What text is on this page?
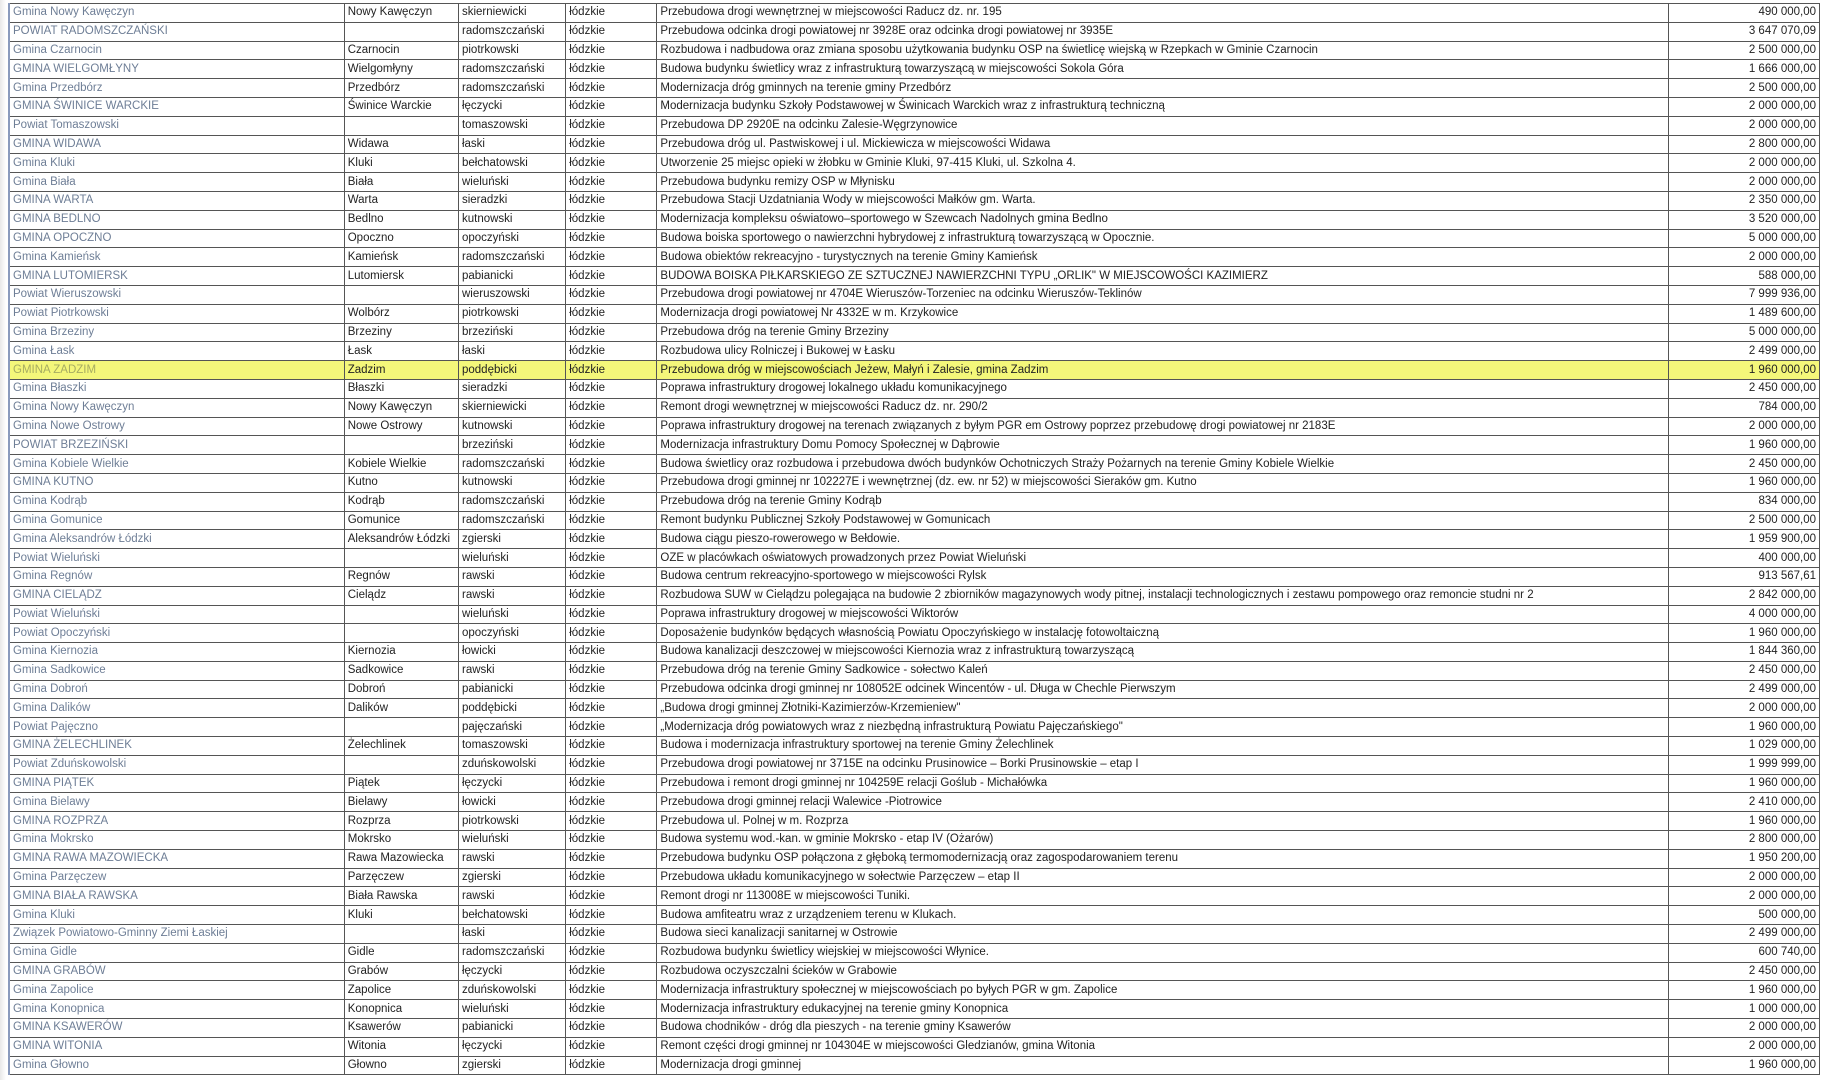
Gmina Nowy Kawęczyn	Nowy Kawęczyn	skierniewicki	łódzkie	Przebudowa drogi wewnętrznej w miejscowości Raducz dz. nr. 195	490 000,00
POWIAT RADOMSZCZAŃSKI		radomszczański	łódzkie	Przebudowa odcinka drogi powiatowej nr 3928E oraz odcinka drogi powiatowej nr 3935E	3 647 070,09
Gmina Czarnocin	Czarnocin	piotrkowski	łódzkie	Rozbudowa i nadbudowa oraz zmiana sposobu użytkowania budynku OSP na świetlicę wiejską w Rzepkach w Gminie Czarnocin	2 500 000,00
GMINA WIELGOMŁYNY	Wielgomłyny	radomszczański	łódzkie	Budowa budynku świetlicy wraz z infrastrukturą towarzyszącą w miejscowości Sokola Góra	1 666 000,00
Gmina Przedbórz	Przedbórz	radomszczański	łódzkie	Modernizacja dróg gminnych na terenie gminy Przedbórz	2 500 000,00
GMINA ŚWINICE WARCKIE	Świnice Warckie	łęczycki	łódzkie	Modernizacja budynku Szkoły Podstawowej w Świnicach Warckich wraz z infrastrukturą techniczną	2 000 000,00
Powiat Tomaszowski		tomaszowski	łódzkie	Przebudowa DP 2920E na odcinku Zalesie-Węgrzynowice	2 000 000,00
GMINA WIDAWA	Widawa	łaski	łódzkie	Przebudowa dróg ul. Pastwiskowej i ul. Mickiewicza w miejscowości Widawa	2 800 000,00
Gmina Kluki	Kluki	bełchatowski	łódzkie	Utworzenie 25 miejsc opieki w żłobku w Gminie Kluki, 97-415 Kluki, ul. Szkolna 4.	2 000 000,00
Gmina Biała	Biała	wieluński	łódzkie	Przebudowa budynku remizy OSP w Młynisku	2 000 000,00
GMINA WARTA	Warta	sieradzki	łódzkie	Przebudowa Stacji Uzdatniania Wody w miejscowości Małków gm. Warta.	2 350 000,00
GMINA BEDLNO	Bedlno	kutnowski	łódzkie	Modernizacja kompleksu oświatowo–sportowego w Szewcach Nadolnych gmina Bedlno	3 520 000,00
GMINA OPOCZNO	Opoczno	opoczyński	łódzkie	Budowa boiska sportowego o nawierzchni hybrydowej z infrastrukturą towarzyszącą w Opocznie.	5 000 000,00
Gmina Kamieńsk	Kamieńsk	radomszczański	łódzkie	Budowa obiektów rekreacyjno - turystycznych na terenie Gminy Kamieńsk	2 000 000,00
GMINA LUTOMIERSK	Lutomiersk	pabianicki	łódzkie	BUDOWA BOISKA PIŁKARSKIEGO ZE SZTUCZNEJ NAWIERZCHNI TYPU „ORLIK" W MIEJSCOWOŚCI KAZIMIERZ	588 000,00
Powiat Wieruszowski		wieruszowski	łódzkie	Przebudowa drogi powiatowej nr 4704E Wieruszów-Torzeniec na odcinku Wieruszów-Teklinów	7 999 936,00
Powiat Piotrkowski	Wolbórz	piotrkowski	łódzkie	Modernizacja drogi powiatowej Nr 4332E w m. Krzykowice	1 489 600,00
Gmina Brzeziny	Brzeziny	brzeziński	łódzkie	Przebudowa dróg na terenie Gminy Brzeziny	5 000 000,00
Gmina Łask	Łask	łaski	łódzkie	Rozbudowa ulicy Rolniczej i Bukowej w Łasku	2 499 000,00
GMINA ZADZIM	Zadzim	poddębicki	łódzkie	Przebudowa dróg w miejscowościach Jeżew, Małyń i Zalesie, gmina Zadzim	1 960 000,00
Gmina Błaszki	Błaszki	sieradzki	łódzkie	Poprawa infrastruktury drogowej lokalnego układu komunikacyjnego	2 450 000,00
Gmina Nowy Kawęczyn	Nowy Kawęczyn	skierniewicki	łódzkie	Remont drogi wewnętrznej w miejscowości Raducz dz. nr. 290/2	784 000,00
Gmina Nowe Ostrowy	Nowe Ostrowy	kutnowski	łódzkie	Poprawa infrastruktury drogowej na terenach związanych z byłym PGR em Ostrowy poprzez przebudowę drogi powiatowej nr 2183E	2 000 000,00
POWIAT BRZEZIŃSKI		brzeziński	łódzkie	Modernizacja infrastruktury Domu Pomocy Społecznej w Dąbrowie	1 960 000,00
Gmina Kobiele Wielkie	Kobiele Wielkie	radomszczański	łódzkie	Budowa świetlicy oraz rozbudowa i przebudowa dwóch budynków Ochotniczych Straży Pożarnych na terenie Gminy Kobiele Wielkie	2 450 000,00
GMINA KUTNO	Kutno	kutnowski	łódzkie	Przebudowa drogi gminnej nr 102227E i wewnętrznej (dz. ew. nr 52) w miejscowości Sieraków gm. Kutno	1 960 000,00
Gmina Kodrąb	Kodrąb	radomszczański	łódzkie	Przebudowa dróg na terenie Gminy Kodrąb	834 000,00
Gmina Gomunice	Gomunice	radomszczański	łódzkie	Remont budynku Publicznej Szkoły Podstawowej w Gomunicach	2 500 000,00
Gmina Aleksandrów Łódzki	Aleksandrów Łódzki	zgierski	łódzkie	Budowa ciągu pieszo-rowerowego w Bełdowie.	1 959 900,00
Powiat Wieluński		wieluński	łódzkie	OZE w placówkach oświatowych prowadzonych przez Powiat Wieluński	400 000,00
Gmina Regnów	Regnów	rawski	łódzkie	Budowa centrum rekreacyjno-sportowego w miejscowości Rylsk	913 567,61
GMINA CIELĄDZ	Cielądz	rawski	łódzkie	Rozbudowa SUW w Cielądzu polegająca na budowie 2 zbiorników magazynowych wody pitnej, instalacji technologicznych i zestawu pompowego oraz remoncie studni nr 2	2 842 000,00
Powiat Wieluński		wieluński	łódzkie	Poprawa infrastruktury drogowej w miejscowości Wiktorów	4 000 000,00
Powiat Opoczyński		opoczyński	łódzkie	Doposażenie budynków będących własnością Powiatu Opoczyńskiego w instalację fotowoltaiczną	1 960 000,00
Gmina Kiernozia	Kiernozia	łowicki	łódzkie	Budowa kanalizacji deszczowej w miejscowości Kiernozia wraz z infrastrukturą towarzyszącą	1 844 360,00
Gmina Sadkowice	Sadkowice	rawski	łódzkie	Przebudowa dróg na terenie Gminy Sadkowice - sołectwo Kaleń	2 450 000,00
Gmina Dobroń	Dobroń	pabianicki	łódzkie	Przebudowa odcinka drogi gminnej nr 108052E odcinek Wincentów - ul. Długa w Chechle Pierwszym	2 499 000,00
Gmina Dalików	Dalików	poddębicki	łódzkie	„Budowa drogi gminnej Złotniki-Kazimierzów-Krzemieniew"	2 000 000,00
Powiat Pajęczno		pajęczański	łódzkie	„Modernizacja dróg powiatowych wraz z niezbędną infrastrukturą Powiatu Pajęczańskiego"	1 960 000,00
GMINA ŻELECHLINEK	Żelechlinek	tomaszowski	łódzkie	Budowa i modernizacja infrastruktury sportowej na terenie Gminy Żelechlinek	1 029 000,00
Powiat Zduńskowolski		zduńskowolski	łódzkie	Przebudowa drogi powiatowej nr 3715E na odcinku Prusinowice – Borki Prusinowskie – etap I	1 999 999,00
GMINA PIĄTEK	Piątek	łęczycki	łódzkie	Przebudowa i remont drogi gminnej nr 104259E relacji Goślub - Michałówka	1 960 000,00
Gmina Bielawy	Bielawy	łowicki	łódzkie	Przebudowa drogi gminnej relacji Walewice -Piotrowice	2 410 000,00
GMINA ROZPRZA	Rozprza	piotrkowski	łódzkie	Przebudowa ul. Polnej w m. Rozprza	1 960 000,00
Gmina Mokrsko	Mokrsko	wieluński	łódzkie	Budowa systemu wod.-kan. w gminie Mokrsko - etap IV (Ożarów)	2 800 000,00
GMINA RAWA MAZOWIECKA	Rawa Mazowiecka	rawski	łódzkie	Przebudowa budynku OSP połączona z głęboką termomodernizacją oraz zagospodarowaniem terenu	1 950 200,00
Gmina Parzęczew	Parzęczew	zgierski	łódzkie	Przebudowa układu komunikacyjnego w sołectwie Parzęczew – etap II	2 000 000,00
GMINA BIAŁA RAWSKA	Biała Rawska	rawski	łódzkie	Remont drogi nr 113008E w miejscowości Tuniki.	2 000 000,00
Gmina Kluki	Kluki	bełchatowski	łódzkie	Budowa amfiteatru wraz z urządzeniem terenu w Klukach.	500 000,00
Związek Powiatowo-Gminny Ziemi Łaskiej		łaski	łódzkie	Budowa sieci kanalizacji sanitarnej w Ostrowie	2 499 000,00
Gmina Gidle	Gidle	radomszczański	łódzkie	Rozbudowa budynku świetlicy wiejskiej w miejscowości Włynice.	600 740,00
GMINA GRABÓW	Grabów	łęczycki	łódzkie	Rozbudowa oczyszczalni ścieków w Grabowie	2 450 000,00
Gmina Zapolice	Zapolice	zduńskowolski	łódzkie	Modernizacja infrastruktury społecznej w miejscowościach po byłych PGR w gm. Zapolice	1 960 000,00
Gmina Konopnica	Konopnica	wieluński	łódzkie	Modernizacja infrastruktury edukacyjnej na terenie gminy Konopnica	1 000 000,00
GMINA KSAWERÓW	Ksawerów	pabianicki	łódzkie	Budowa chodników - dróg dla pieszych - na terenie gminy Ksawerów	2 000 000,00
GMINA WITONIA	Witonia	łęczycki	łódzkie	Remont części drogi gminnej nr 104304E w miejscowości Gledzianów, gmina Witonia	2 000 000,00
Gmina Głowno	Głowno	zgierski	łódzkie	Modernizacja drogi gminnej	1 960 000,00
